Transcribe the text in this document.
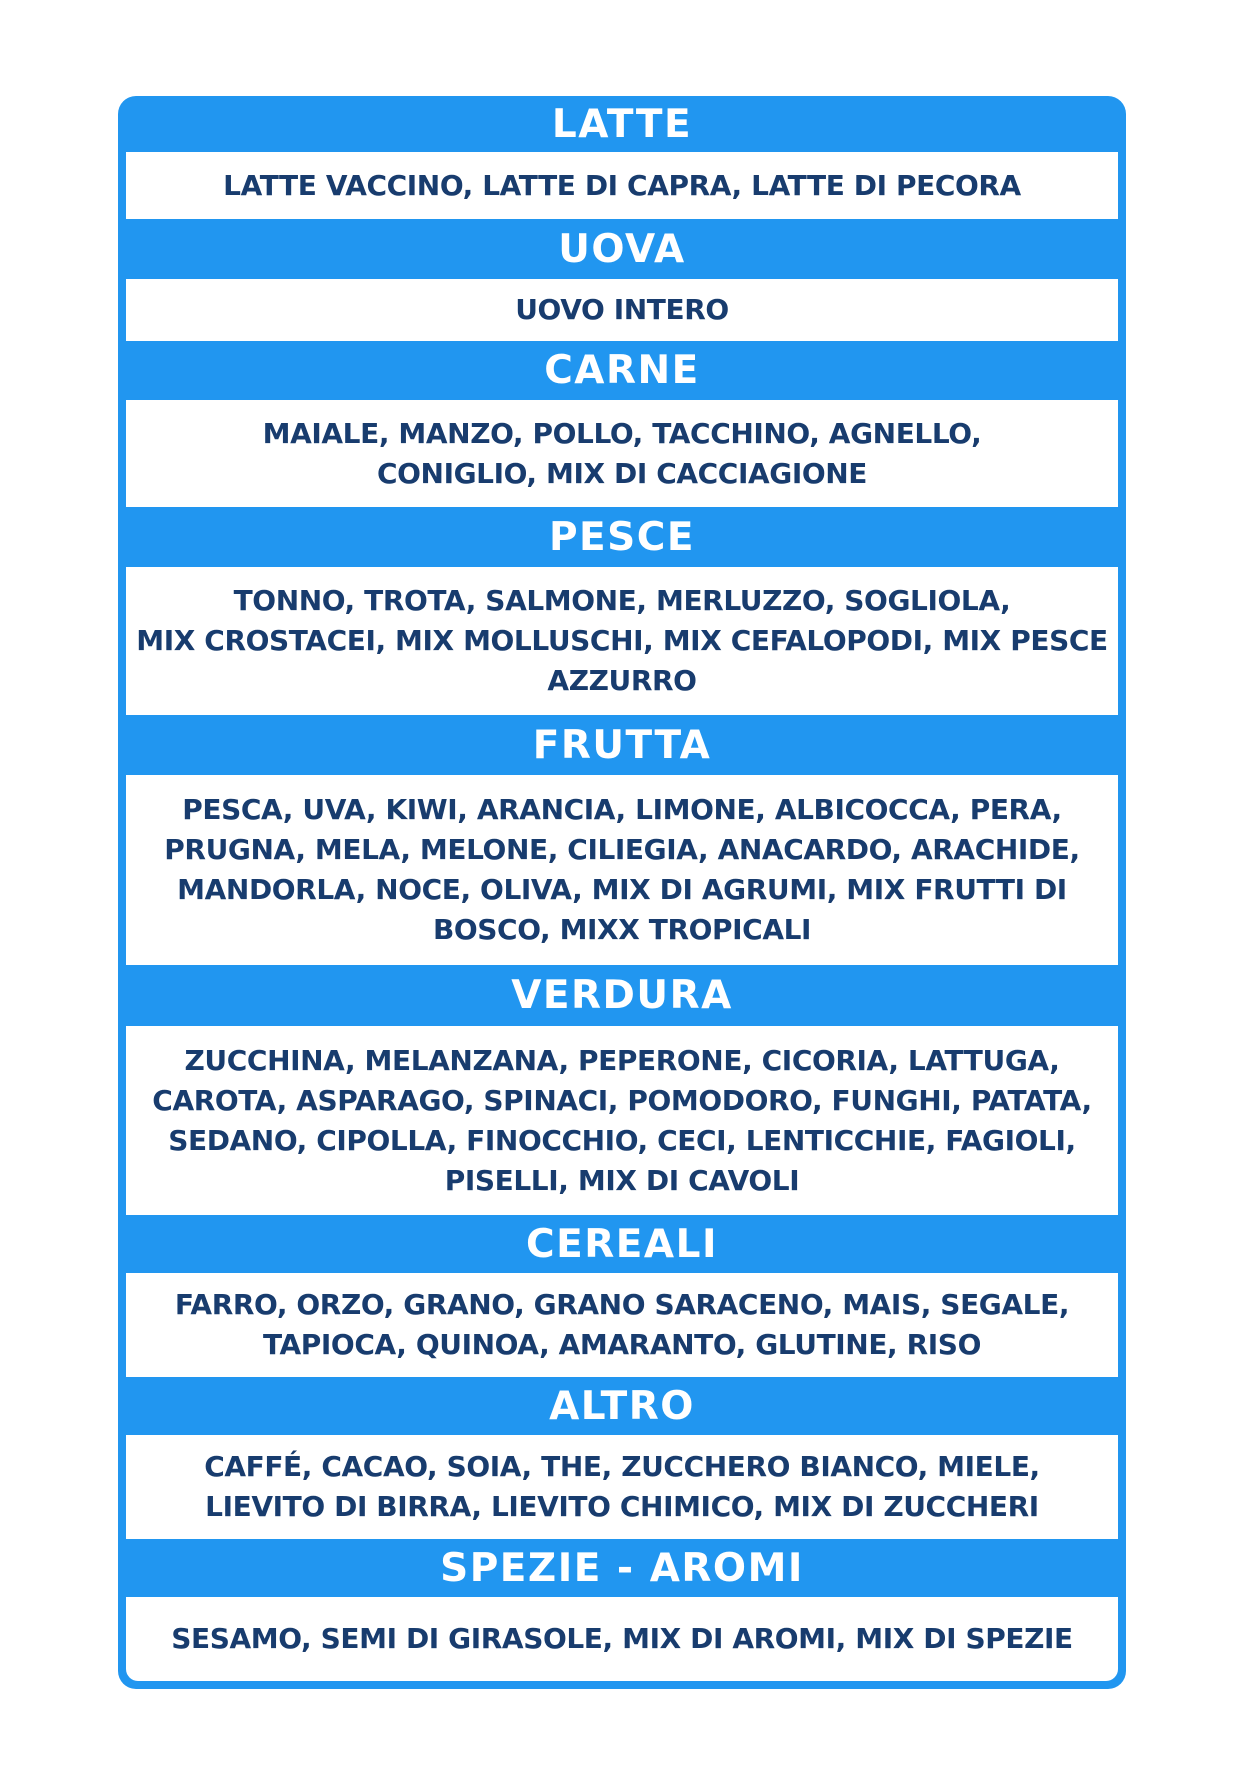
LATTE
LATTE VACCINO, LATTE DI CAPRA, LATTE DI PECORA
UOVA
UOVO INTERO
CARNE
MAIALE, MANZO, POLLO, TACCHINO, AGNELLO,
CONIGLIO, MIX DI CACCIAGIONE
PESCE
TONNO, TROTA, SALMONE, MERLUZZO, SOGLIOLA,
MIX CROSTACEI, MIX MOLLUSCHI, MIX CEFALOPODI, MIX PESCE
AZZURRO
FRUTTA
PESCA, UVA, KIWI, ARANCIA, LIMONE, ALBICOCCA, PERA,
PRUGNA, MELA, MELONE, CILIEGIA, ANACARDO, ARACHIDE,
MANDORLA, NOCE, OLIVA, MIX DI AGRUMI, MIX FRUTTI DI
BOSCO, MIXX TROPICALI
VERDURA
ZUCCHINA, MELANZANA, PEPERONE, CICORIA, LATTUGA,
CAROTA, ASPARAGO, SPINACI, POMODORO, FUNGHI, PATATA,
SEDANO, CIPOLLA, FINOCCHIO, CECI, LENTICCHIE, FAGIOLI,
PISELLI, MIX DI CAVOLI
CEREALI
FARRO, ORZO, GRANO, GRANO SARACENO, MAIS, SEGALE,
TAPIOCA, QUINOA, AMARANTO, GLUTINE, RISO
ALTRO
CAFFÉ, CACAO, SOIA, THE, ZUCCHERO BIANCO, MIELE,
LIEVITO DI BIRRA, LIEVITO CHIMICO, MIX DI ZUCCHERI
SPEZIE - AROMI
SESAMO, SEMI DI GIRASOLE, MIX DI AROMI, MIX DI SPEZIE
